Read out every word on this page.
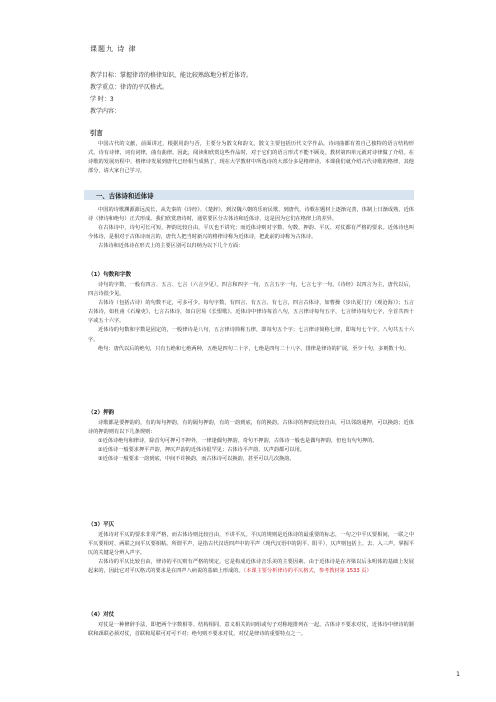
课题九 诗 律
教学目标：掌握律诗的格律知识，能比较熟练地分析近体诗。
教学重点：律诗的平仄格式。
学 时：3
教学内容：
引言

中国古代的文献，前面讲过，根据用韵与否，主要分为散文和韵文。散文主要包括历代文学作品。诗词曲都有着自己独特的语言结构形式。诗有诗律，词有词律，曲有曲律。因此，阅读和欣赏这些作品时，对于它们的语言形式不能不顾及。教材第四单元就对诗律做了介绍。在诗歌的发展历程中，格律诗发展到唐代已经相当成熟了，现在大学教材中所选诗的大部分多是格律诗。本课我们就介绍古代诗歌的格律，其他部分，请大家自己学习。

一、古体诗和近体诗

中国的诗歌渊源源远流长，从先秦的《诗经》、《楚辞》，到汉魏六朝的乐府民歌，到唐代，诗歌在题材上逐渐完善，体制上日渐成熟，近体诗（律诗和绝句）正式形成。我们欣赏唐诗时，通常要区分古体诗和近体诗，这是因为它们在格律上的差异。

在古体诗中，诗句可长可短，押韵比较自由，平仄也不讲究；而近体诗则对字数、句数、押韵、平仄、对仗都有严格的要求。近体诗也叫今体诗，是相对于古体诗而言的，唐代人把当时新兴的格律诗称为近体诗，把此前的诗称为古体诗。

古体诗和近体诗在形式上的主要区别可以归纳为以下几个方面：

（1）句数和字数

诗句的字数，一般有四言、五言、七言（六言少见）。四言和四字一句，五言五字一句，七言七字一句。《诗经》以四言为主，唐代以后，四言诗很少见。

古体诗（包括古诗）的句数不定，可多可少。每句字数，有四言、有五言、有七言，四言古体诗，如曹操《步出夏门行（观沧海）》；五言古体诗，如杜甫《石壕吏》，七言古体诗，如白居易《长恨歌》。近体诗中律诗每首八句，五言律诗每句五字，七言律诗每句七字，全首共四十字或五十六字。

近体诗的句数和字数是固定的，一般律诗是八句，五言律诗简称五律，即每句五个字；七言律诗简称七律，即每句七个字，八句共五十六字。

绝句：唐代以后的绝句，只有五绝和七绝两种，五绝是四句二十字，七绝是四句二十八字。排律是律诗的扩展，至少十句，多则数十句。

（2）押韵

诗歌都是要押韵的，有的每句押韵，有的隔句押韵，有的一韵到底，有的换韵。古体诗的押韵比较自由，可以邻韵通押，可以换韵；近体诗的押韵则有以下几条规则：

①近体诗绝句和律诗，除首句可押可不押外，一律逢偶句押韵，奇句不押韵，古体诗一般也是偶句押韵，但也有句句押的。

②近体诗一般要求押平声韵，押仄声韵的近体诗很罕见；古体诗平声韵、仄声韵都可以用。

③近体诗一般要求一韵到底，中间不许换韵，而古体诗可以换韵，甚至可以几次换韵。

（3）平仄

近体诗对平仄的要求非常严格，而古体诗则比较自由，不讲平仄。平仄的规则是近体诗的最重要的标志，一句之中平仄要相间，一联之中平仄要相对，两联之间平仄要相粘。所谓平声，是指古代汉语四声中的平声（现代汉语中的阴平、阳平），仄声则包括上、去、入三声。掌握平仄的关键是分辨入声字。

古体诗的平仄比较自由，律诗的平仄则有严格的规定，它是构成近体诗音乐美的主要因素。由于近体诗是在齐梁以后永明体的基础上发展起来的，因此它对平仄格式的要求是在四声八病说的基础上形成的。（本课主要分析律诗的平仄格式，参考教材第 1533 页）

（4）对仗

对仗是一种修辞手法，即把两个字数相等、结构相同、意义相关的词组或句子对称地排列在一起。古体诗不要求对仗，近体诗中律诗的颔联和颈联必须对仗，首联和尾联可对可不对；绝句则不要求对仗。对仗是律诗的重要特点之一。

1
